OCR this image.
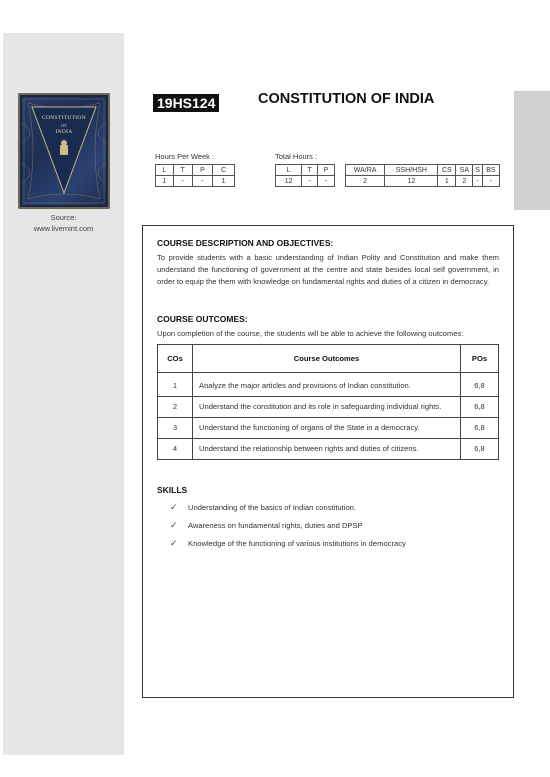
CONSTITUTION
OF
INDIA
Source:
www.livemint.com
19HS124	CONSTITUTION OF INDIA
Hours Per Week :	Total Hours :
L	T	P	C
1	-	-	1
L	T	P
12	-	-
WA/RA	SSH/HSH	CS	SA	S	BS
2	12	1	2	-	-
COURSE DESCRIPTION AND OBJECTIVES:
To provide students with a basic understanding of Indian Polity and Constitution and make them understand the functioning of government at the centre and state besides local self government, in order to equip the them with knowledge on fundamental rights and duties of a citizen in democracy.
COURSE OUTCOMES:
Upon completion of the course, the students will be able to achieve the following outcomes:
COs	Course Outcomes	POs
1	Analyze the major articles and provisions of Indian constitution.	6,8
2	Understand the constitution and its role in safeguarding individual rights.	6,8
3	Understand the functioning of organs of the State in a democracy.	6,8
4	Understand the relationship between rights and duties of citizens.	6,8
SKILLS
✓ Understanding of the basics of Indian constitution.
✓ Awareness on fundamental rights, duties and DPSP
✓ Knowledge of the functioning of various institutions in democracy
